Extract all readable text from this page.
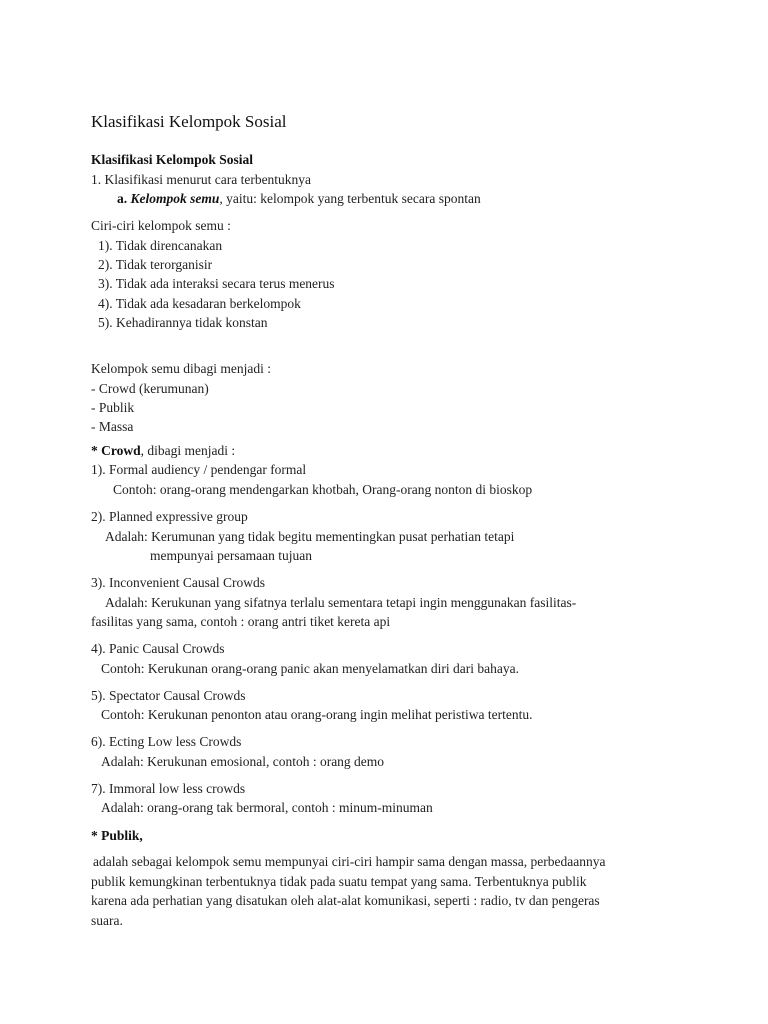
Klasifikasi Kelompok Sosial
Klasifikasi Kelompok Sosial
1. Klasifikasi menurut cara terbentuknya
a. Kelompok semu, yaitu: kelompok yang terbentuk secara spontan
Ciri-ciri kelompok semu :
1). Tidak direncanakan
2). Tidak terorganisir
3). Tidak ada interaksi secara terus menerus
4). Tidak ada kesadaran berkelompok
5). Kehadirannya tidak konstan
Kelompok semu dibagi menjadi :
- Crowd (kerumunan)
- Publik
- Massa
* Crowd, dibagi menjadi :
1). Formal audiency / pendengar formal
Contoh: orang-orang mendengarkan khotbah, Orang-orang nonton di bioskop
2). Planned expressive group
Adalah: Kerumunan yang tidak begitu mementingkan pusat perhatian tetapi
mempunyai persamaan tujuan
3). Inconvenient Causal Crowds
Adalah: Kerukunan yang sifatnya terlalu sementara tetapi ingin menggunakan fasilitas-
fasilitas yang sama, contoh : orang antri tiket kereta api
4). Panic Causal Crowds
Contoh: Kerukunan orang-orang panic akan menyelamatkan diri dari bahaya.
5). Spectator Causal Crowds
Contoh: Kerukunan penonton atau orang-orang ingin melihat peristiwa tertentu.
6). Ecting Low less Crowds
Adalah: Kerukunan emosional, contoh : orang demo
7). Immoral low less crowds
Adalah: orang-orang tak bermoral, contoh : minum-minuman
* Publik,
adalah sebagai kelompok semu mempunyai ciri-ciri hampir sama dengan massa, perbedaannya
publik kemungkinan terbentuknya tidak pada suatu tempat yang sama. Terbentuknya publik
karena ada perhatian yang disatukan oleh alat-alat komunikasi, seperti : radio, tv dan pengeras
suara.
